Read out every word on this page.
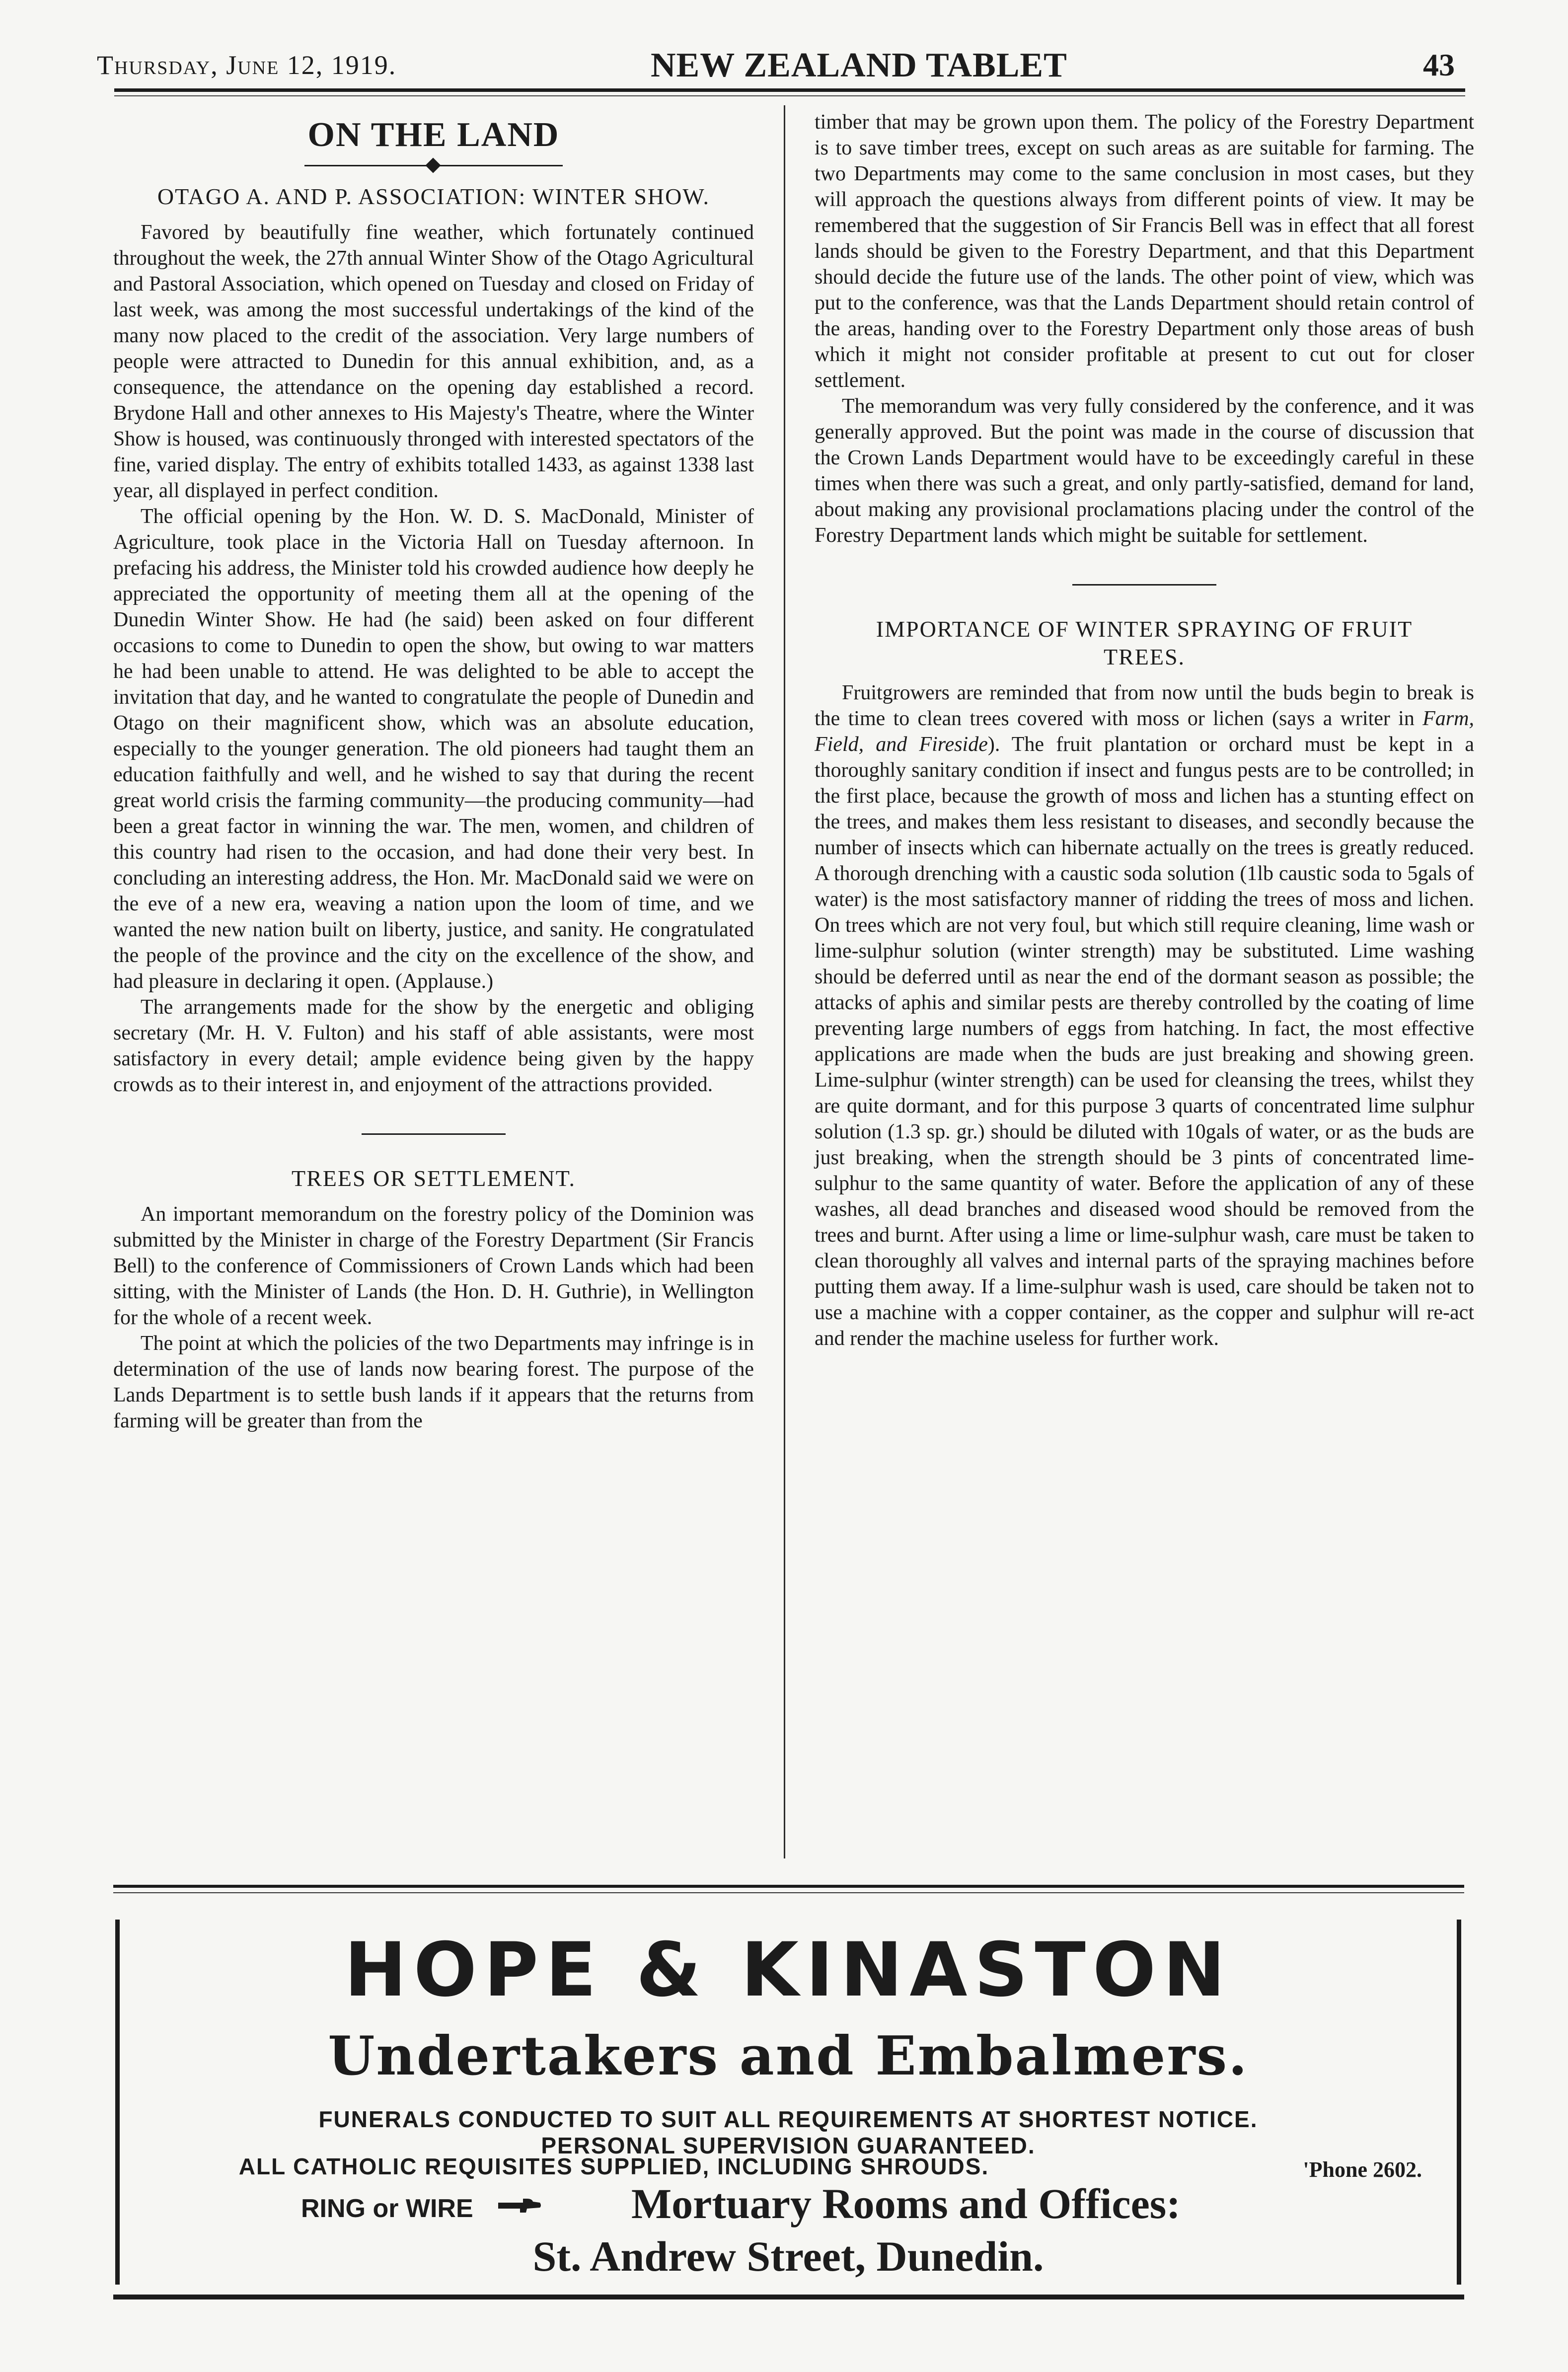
Thursday, June 12, 1919.	NEW ZEALAND TABLET	43
ON THE LAND
OTAGO A. AND P. ASSOCIATION: WINTER SHOW.

Favored by beautifully fine weather, which fortunately continued throughout the week, the 27th annual Winter Show of the Otago Agricultural and Pastoral Association, which opened on Tuesday and closed on Friday of last week, was among the most successful undertakings of the kind of the many now placed to the credit of the association. Very large numbers of people were attracted to Dunedin for this annual exhibition, and, as a consequence, the attendance on the opening day established a record. Brydone Hall and other annexes to His Majesty's Theatre, where the Winter Show is housed, was continuously thronged with interested spectators of the fine, varied display. The entry of exhibits totalled 1433, as against 1338 last year, all displayed in perfect condition.

The official opening by the Hon. W. D. S. MacDonald, Minister of Agriculture, took place in the Victoria Hall on Tuesday afternoon. In prefacing his address, the Minister told his crowded audience how deeply he appreciated the opportunity of meeting them all at the opening of the Dunedin Winter Show. He had (he said) been asked on four different occasions to come to Dunedin to open the show, but owing to war matters he had been unable to attend. He was delighted to be able to accept the invitation that day, and he wanted to congratulate the people of Dunedin and Otago on their magnificent show, which was an absolute education, especially to the younger generation. The old pioneers had taught them an education faithfully and well, and he wished to say that during the recent great world crisis the farming community—the producing community—had been a great factor in winning the war. The men, women, and children of this country had risen to the occasion, and had done their very best. In concluding an interesting address, the Hon. Mr. MacDonald said we were on the eve of a new era, weaving a nation upon the loom of time, and we wanted the new nation built on liberty, justice, and sanity. He congratulated the people of the province and the city on the excellence of the show, and had pleasure in declaring it open. (Applause.)

The arrangements made for the show by the energetic and obliging secretary (Mr. H. V. Fulton) and his staff of able assistants, were most satisfactory in every detail; ample evidence being given by the happy crowds as to their interest in, and enjoyment of the attractions provided.

TREES OR SETTLEMENT.

An important memorandum on the forestry policy of the Dominion was submitted by the Minister in charge of the Forestry Department (Sir Francis Bell) to the conference of Commissioners of Crown Lands which had been sitting, with the Minister of Lands (the Hon. D. H. Guthrie), in Wellington for the whole of a recent week.

The point at which the policies of the two Departments may infringe is in determination of the use of lands now bearing forest. The purpose of the Lands Department is to settle bush lands if it appears that the returns from farming will be greater than from the

timber that may be grown upon them. The policy of the Forestry Department is to save timber trees, except on such areas as are suitable for farming. The two Departments may come to the same conclusion in most cases, but they will approach the questions always from different points of view. It may be remembered that the suggestion of Sir Francis Bell was in effect that all forest lands should be given to the Forestry Department, and that this Department should decide the future use of the lands. The other point of view, which was put to the conference, was that the Lands Department should retain control of the areas, handing over to the Forestry Department only those areas of bush which it might not consider profitable at present to cut out for closer settlement.

The memorandum was very fully considered by the conference, and it was generally approved. But the point was made in the course of discussion that the Crown Lands Department would have to be exceedingly careful in these times when there was such a great, and only partly-satisfied, demand for land, about making any provisional proclamations placing under the control of the Forestry Department lands which might be suitable for settlement.

IMPORTANCE OF WINTER SPRAYING OF FRUIT TREES.

Fruitgrowers are reminded that from now until the buds begin to break is the time to clean trees covered with moss or lichen (says a writer in Farm, Field, and Fireside). The fruit plantation or orchard must be kept in a thoroughly sanitary condition if insect and fungus pests are to be controlled; in the first place, because the growth of moss and lichen has a stunting effect on the trees, and makes them less resistant to diseases, and secondly because the number of insects which can hibernate actually on the trees is greatly reduced. A thorough drenching with a caustic soda solution (1lb caustic soda to 5gals of water) is the most satisfactory manner of ridding the trees of moss and lichen. On trees which are not very foul, but which still require cleaning, lime wash or lime-sulphur solution (winter strength) may be substituted. Lime washing should be deferred until as near the end of the dormant season as possible; the attacks of aphis and similar pests are thereby controlled by the coating of lime preventing large numbers of eggs from hatching. In fact, the most effective applications are made when the buds are just breaking and showing green. Lime-sulphur (winter strength) can be used for cleansing the trees, whilst they are quite dormant, and for this purpose 3 quarts of concentrated lime sulphur solution (1.3 sp. gr.) should be diluted with 10gals of water, or as the buds are just breaking, when the strength should be 3 pints of concentrated lime-sulphur to the same quantity of water. Before the application of any of these washes, all dead branches and diseased wood should be removed from the trees and burnt. After using a lime or lime-sulphur wash, care must be taken to clean thoroughly all valves and internal parts of the spraying machines before putting them away. If a lime-sulphur wash is used, care should be taken not to use a machine with a copper container, as the copper and sulphur will re-act and render the machine useless for further work.

HOPE & KINASTON
Undertakers and Embalmers.
FUNERALS CONDUCTED TO SUIT ALL REQUIREMENTS AT SHORTEST NOTICE.
PERSONAL SUPERVISION GUARANTEED.
ALL CATHOLIC REQUISITES SUPPLIED, INCLUDING SHROUDS.	'Phone 2602.
RING or WIRE	Mortuary Rooms and Offices:
St. Andrew Street, Dunedin.
